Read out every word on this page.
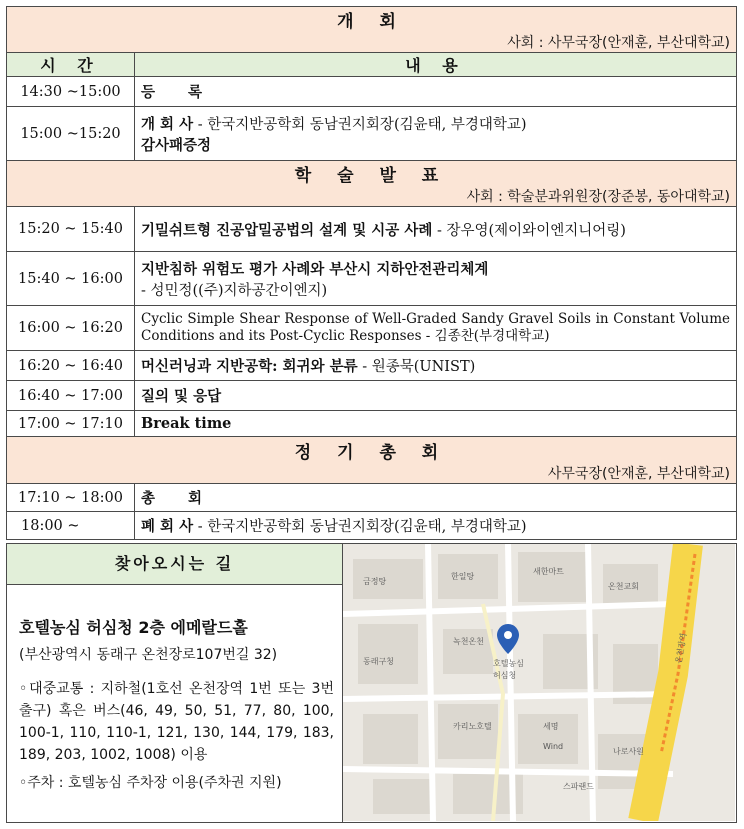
개 회
사회 : 사무국장(안재훈, 부산대학교)	

시 간	내 용
14:30 ~15:00	등 록
15:00 ~15:20	개 회 사 - 한국지반공학회 동남권지회장(김윤태, 부경대학교)
감사패증정

학 술 발 표
사회 : 학술분과위원장(장준봉, 동아대학교)	

15:20 ~ 15:40	기밀쉬트형 진공압밀공법의 설계 및 시공 사례 - 장우영(제이와이엔지니어링)
15:40 ~ 16:00	지반침하 위험도 평가 사례와 부산시 지하안전관리체계
- 성민정((주)지하공간이엔지)

16:00 ~ 16:20	Cyclic Simple Shear Response of Well-Graded Sandy Gravel Soils in Constant Volume Conditions and its Post-Cyclic Responses - 김종찬(부경대학교)
16:20 ~ 16:40	머신러닝과 지반공학: 회귀와 분류 - 원종묵(UNIST)
16:40 ~ 17:00	질의 및 응답
17:00 ~ 17:10	Break time

정 기 총 회
사무국장(안재훈, 부산대학교)	

17:10 ~ 18:00	총 회
18:00 ~	폐 회 사 - 한국지반공학회 동남권지회장(김윤태, 부경대학교)
찾아오시는 길
호텔농심 허심청 2층 에메랄드홀
(부산광역시 동래구 온천장로107번길 32)
◦대중교통 : 지하철(1호선 온천장역 1번 또는 3번 출구) 혹은 버스(46, 49, 50, 51, 77, 80, 100, 100-1, 110, 110-1, 121, 130, 144, 179, 183, 189, 203, 1002, 1008) 이용
◦주차 : 호텔농심 주차장 이용(주차권 지원)
금정탕
한일탕
새한마트
온천교회
녹천온천
호텔농심
허심청
온천장역
동래구청
카리노호텔	세명
Wind
스파랜드
나로사원
